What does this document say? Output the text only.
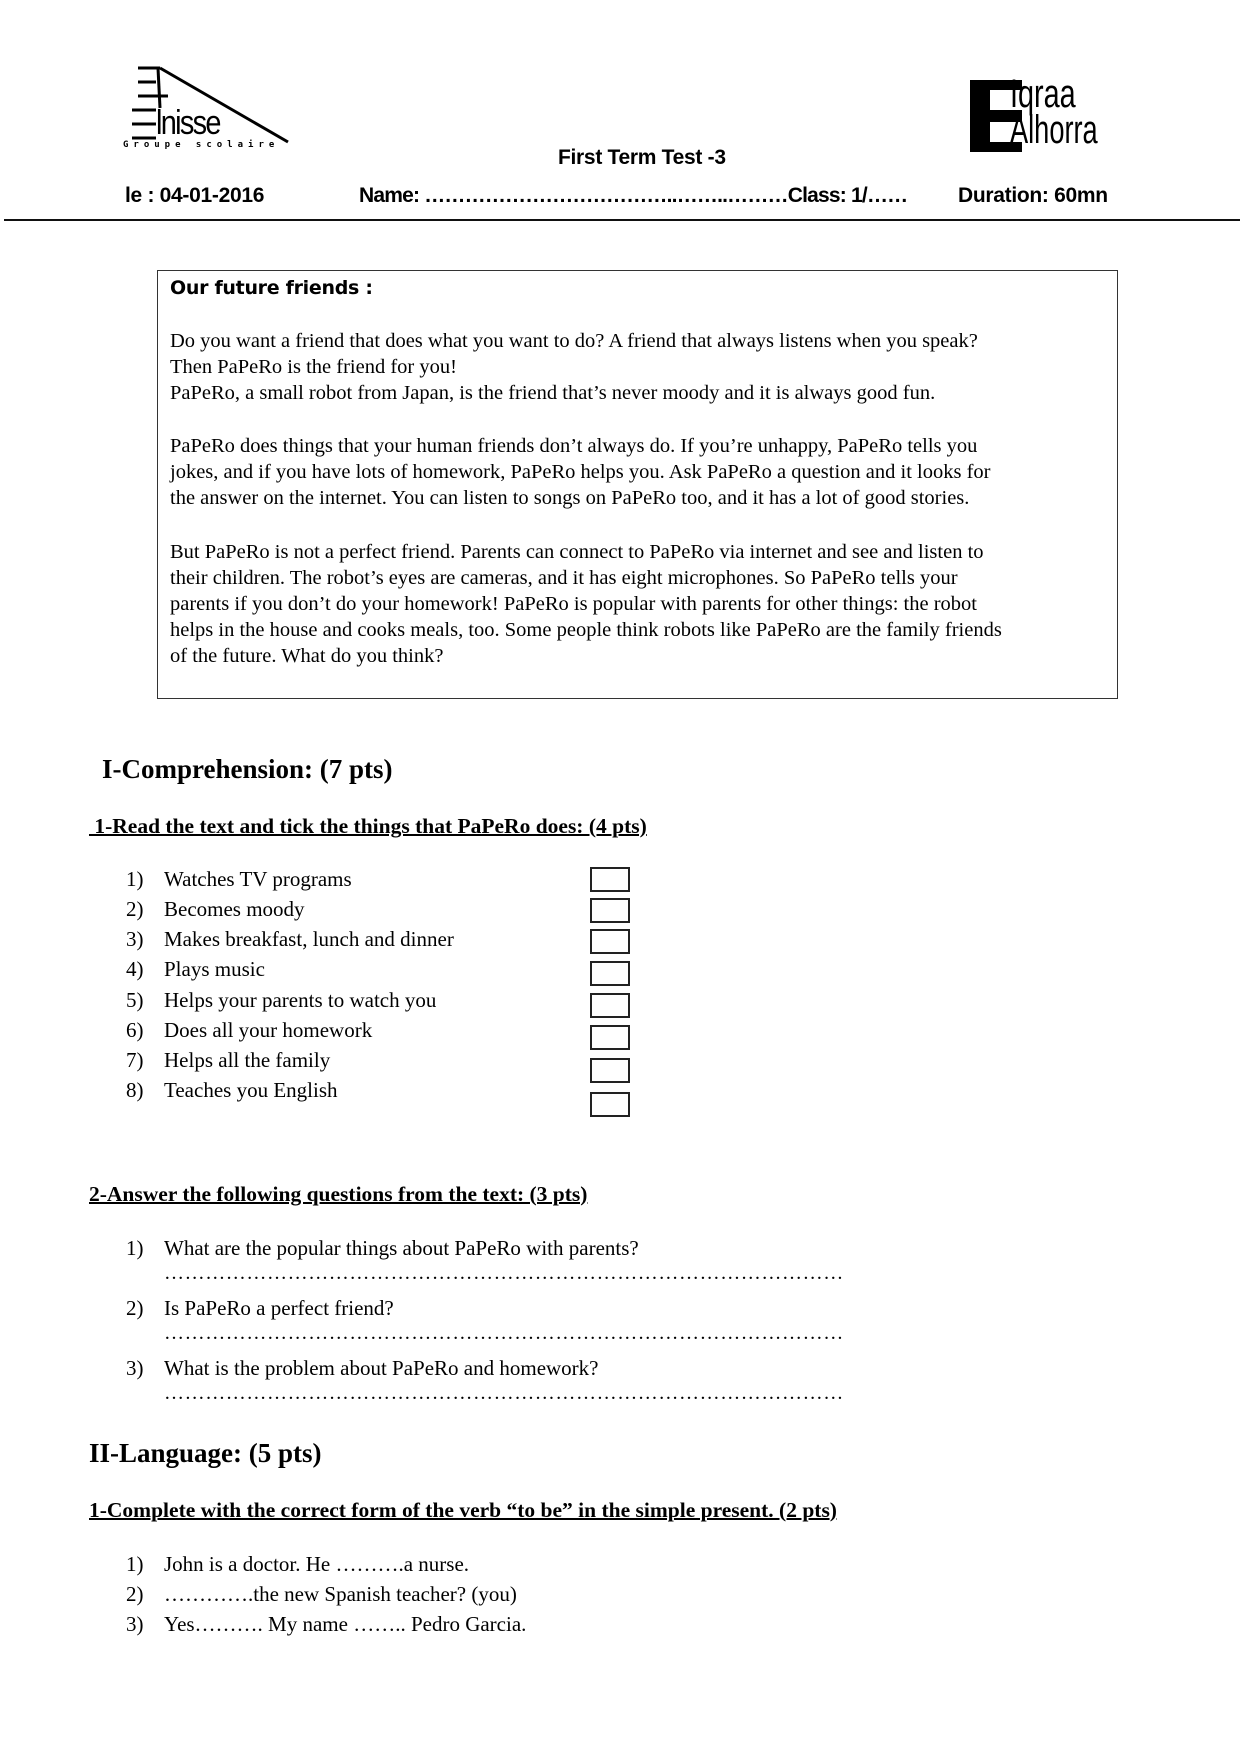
lnisse
Groupe scolaire
Iqraa
Alhorra
First Term Test -3
le : 04-01-2016	Name: ………………………………..……..………Class: 1/…… Duration: 60mn
Our future friends :
Do you want a friend that does what you want to do? A friend that always listens when you speak?
Then PaPeRo is the friend for you!
PaPeRo, a small robot from Japan, is the friend that’s never moody and it is always good fun.
PaPeRo does things that your human friends don’t always do. If you’re unhappy, PaPeRo tells you
jokes, and if you have lots of homework, PaPeRo helps you. Ask PaPeRo a question and it looks for
the answer on the internet. You can listen to songs on PaPeRo too, and it has a lot of good stories.
But PaPeRo is not a perfect friend. Parents can connect to PaPeRo via internet and see and listen to
their children. The robot’s eyes are cameras, and it has eight microphones. So PaPeRo tells your
parents if you don’t do your homework! PaPeRo is popular with parents for other things: the robot
helps in the house and cooks meals, too. Some people think robots like PaPeRo are the family friends
of the future. What do you think?
I-Comprehension: (7 pts)
1-Read the text and tick the things that PaPeRo does: (4 pts)
1) Watches TV programs
2) Becomes moody
3) Makes breakfast, lunch and dinner
4) Plays music
5) Helps your parents to watch you
6) Does all your homework
7) Helps all the family
8) Teaches you English
2-Answer the following questions from the text: (3 pts)
1) What are the popular things about PaPeRo with parents?
………………………………………………………………………………………
2) Is PaPeRo a perfect friend?
………………………………………………………………………………………
3) What is the problem about PaPeRo and homework?
………………………………………………………………………………………
II-Language: (5 pts)
1-Complete with the correct form of the verb “to be” in the simple present. (2 pts)
1) John is a doctor. He ……….a nurse.
2) ………….the new Spanish teacher? (you)
3) Yes………. My name …….. Pedro Garcia.
